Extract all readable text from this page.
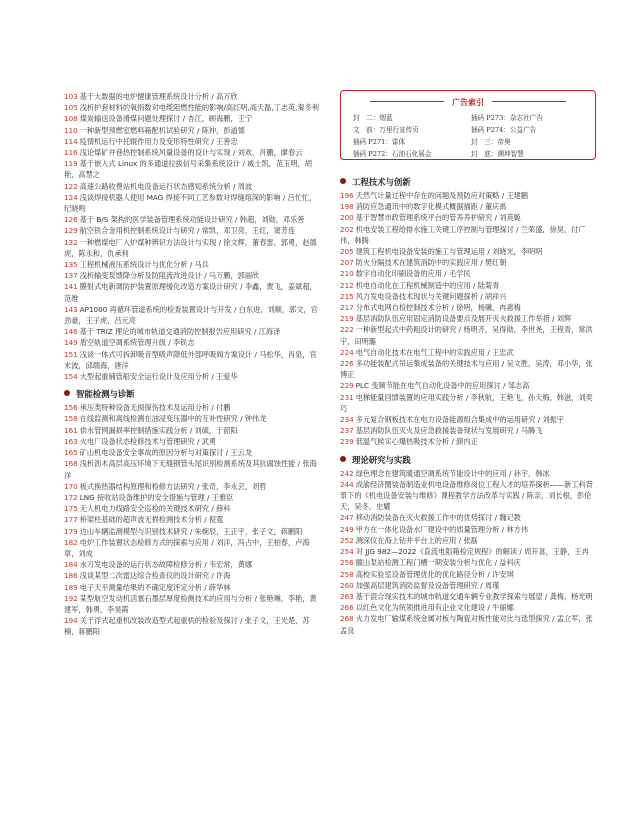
103 基于大数据的电炉健康管理系统设计分析 / 高万欣
105 浅析护套材料的氧指数对电缆阻燃性能的影响/高红明,高天磊,丁志英,秦冬利
108 煤炭输送设备滑煤问题处理探讨 / 杏江，顾海鹏，王宁
110 一种新型预燃室燃料箱配机试验研究 / 陈仲，彭道德
114 疫情机运行中托辊作用力及变形特性研究 / 王善忠
116 浅论煤矿井巷热控制系统风量设备的设计与实现 / 刘欢，肖鹏，廖春云
119 基于嵌入式 Linux 的多通道拉拔信号采集系统设计 / 戚士凯，范玉明，胡艳，高慧之
122 高速公路收费站机电设备运行状态感知系统分析 / 周波
124 浅谈焊接机器人使用 MAG 焊接不同工艺参数对焊缝熔深的影响 / 吕忙忙，纪晓鸣
126 基于 B/S 架构的医学装备管理系统功能设计研究 / 韩超，刘勋，邓乐善
129 航空铁合金用机控制系统设计与研究 / 常凯，邓卫亮，王红，窦芳连
132 一种燃煤电厂入炉煤种辨识方法设计与实现 / 徐文辉，董春雷，郭勇，赵德虎，陈永和，仇承利
135 工程机械液压系统设计与优化分析 / 马兵
137 浅析输变泵馈降分析及防阻流改进设计 / 马万鹏，郭丽欣
141 膜射式电新调防护装置原理缓化改造方案设计研究 / 李鑫，贾飞，姜斌超，范维
143 AP1000 再循环管道系统的检查装置设计与开发 / 白东进，刘顺，郭文，官劲豪，王子虎，吕元亮
146 基于 TRIZ 理论的城市轨道交通消防控制报告应用研究 / 江海泽
149 盾空轨道空调系统管理升级 / 李铁志
151 浅谈一体式可拆卸吸音型吸声降低外部呼吸阀方案设计 / 马松华，肖泉，官末波，邱端海，唐洋
154 大型起重铺管船安全运行设计及应用分析 / 王爱华
智能检测与诊断
156 承压类特种设备无损探伤技术及运用分析 / 付鹏
158 在线监测和离线检测在油浸变压器中的互补性研究 / 钟伟龙
161 供水管网漏损率控制措施实践分析 / 刘硕，于韶阳
163 火电厂设备状态检修技术与管理研究 / 武勇
165 矿山机电设备安全事故的原因分析与对策探讨 / 王云龙
168 浅析沥木高层高压环境下无缝钢管头尾识别检测系统及其抗腐蚀性能 / 张海洋
170 板式换热器结构原理和检修方法研究 / 张奇，李永芸，刘哲
172 LNG 接收站设备维护的安全措施与管理 / 王雅臣
175 无人机电力线路安全巡检的关键技术研究 / 薛科
177 桥梁柱基础的超声波无损检测技术分析 / 倪霆
179 边山车辆监测模型与识别技术研究 / 朱婉辰，王正宇，张子文，蒋鹏阳
182 电炉工作装置状态检修方式的探索与应用 / 刘洋，冯占中，王柏春，卢海章，刘成
184 水刀发电设备的运行状态故障检修分析 / 韦宏常，黄娜
186 浅谈某型二次雷达综合检查仪的设计研究 / 许海
189 电子天平测量结果的不确定度评定分析 / 薛华林
192 某型航空发动机活塞石墨层厚度检测技术的应用与分析 / 张艳琳，李艳，黄建军，韩勇，李昊霞
194 关于浮式起重机改装改造型式起重机的检验及探讨 / 张子文，王光楚，苏楠，蒋鹏阳
广告索引
封　二：烟蓝	插码 P273：杂志社广告
文　前：万里行宣传页	插码 P274：公益广告
插码 P271：雷体	封　三：帝奥
插码 P272：石油石化展会	封　底：溯坤智慧
工程技术与创新
196 天然气计量过程中存在的问题及预防应对策略 / 王建鹏
198 消防应急通讯中的数字化模式概据描距 / 董庆禹
200 基于智慧市政管理系统平台的管养养护研究 / 刘英姬
202 机电安装工程给排水施工关键工序控制与管理探讨 / 兰荣盛，徐昊，付广伟，韩腾
205 建筑工程机电设备安装的施工与管理运用 / 刘晓光，李明明
207 防火分隔技术在建筑消防中的实践应用 / 樊红朝
210 数字自动化印刷设备的应用 / 毛学民
212 机电自动化在工程机械制造中的应用 / 陆菊青
215 风力发电设备技术现状与关键问题探析 / 胡祥兴
217 分布式电网自检控制技术分析 / 徐明，杨骥，冉惠梅
219 基层消防队伍应用固定消防设备要点及展开灭火救援工作举措 / 刘辉
222 一种新型起式中药粗设计的研究 / 杨明齐，吴得勋，李世尧，王程青，常洪宇，田明璐
224 电气自动化技术在电气工程中的实践应用 / 王忠武
226 多功能装配式吊运集成装备的关键技术与应用 / 吴文胜，吴涛，邓小华，张博正
229 PLC 变频节能在电气自动化设备中的应用探讨 / 邹志高
231 电梯能量回馈装置的应用实践分析 / 李秋航，王艳飞，孙天梅，韩滋，刘奕巧
234 多元复合钢板技术在电力设备能源组合集成中的运用研究 / 刘振宇
237 基层消防队伍灭火及应急救援装备现状与发展研究 / 马腾飞
239 低温气候实心爆热吸技术分析 / 颜内正
理论研究与实践
242 绿色理念在建筑暖通空调系统节能设计中的应用 / 孙宇，韩冰
244 成渝经济圈装备制造业机电设备维修岗位工程人才的培养探析——新工科背景下的《机电设备安装与维修》课程教学方法改革与实践 / 陈亲，刘长根，彭伦天，吴冬，史耀
247 移动消防装备在灭火救援工作中的优势探讨 / 魏记教
249 甲方在一体化设备水厂建设中的质量管理分析 / 林方伟
252 测深仪在海上钻井平台上的应用 / 张磊
254 对 JJG 982—2022《直流电阻箱检定规程》的解读 / 周开喜，王静，王冉
256 髋山泵站检测工程门槽一期安装分析与优化 / 益科庆
258 高校实验室设备管理优化的优化路径分析 / 许安琪
260 加强高层建筑消防监督及设备管理研究 / 周瑾
263 基于混合现实技术的城市轨道交通车辆专业教学探索与展望 / 龚梅，杨光明
266 以红色文化为统领推进用有企业文化建设 / 牛丽娜
268 火力发电厂输煤系统金属对板与陶瓷对板性能对比与选型探究 / 孟立军，张孟良
